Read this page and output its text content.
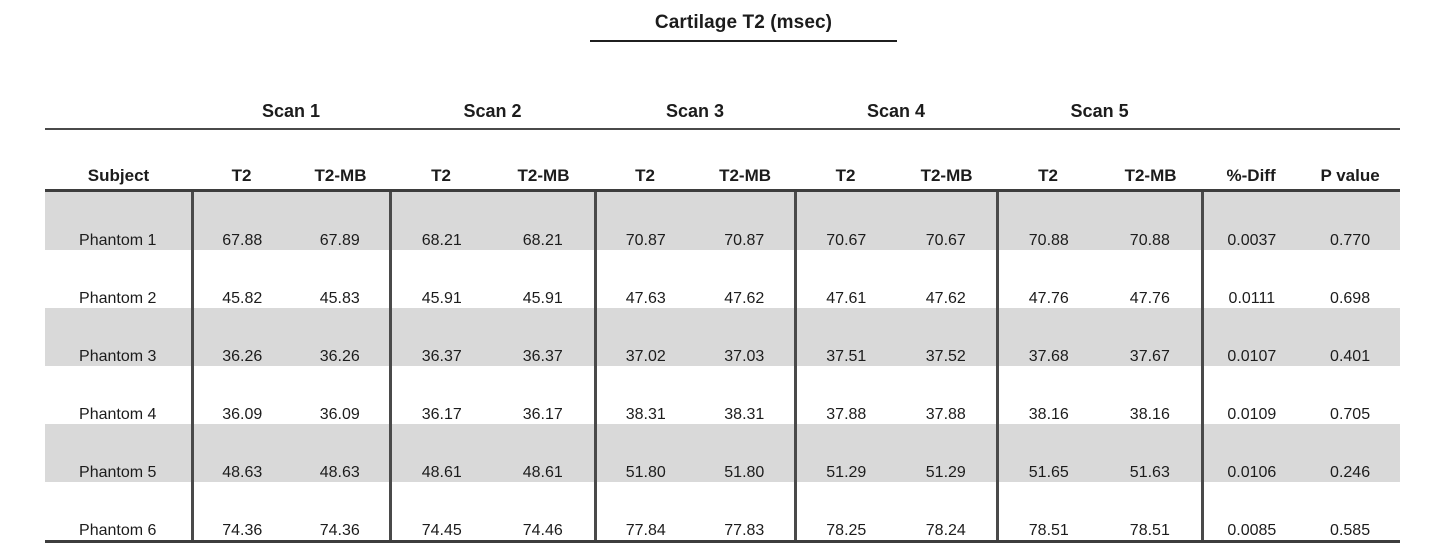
Cartilage T2 (msec)
	Scan 1		Scan 2		Scan 3		Scan 4		Scan 5			

Subject	T2	T2-MB	T2	T2-MB	T2	T2-MB	T2	T2-MB	T2	T2-MB	%-Diff	P value
Phantom 1	67.88	67.89	68.21	68.21	70.87	70.87	70.67	70.67	70.88	70.88	0.0037	0.770
Phantom 2	45.82	45.83	45.91	45.91	47.63	47.62	47.61	47.62	47.76	47.76	0.0111	0.698
Phantom 3	36.26	36.26	36.37	36.37	37.02	37.03	37.51	37.52	37.68	37.67	0.0107	0.401
Phantom 4	36.09	36.09	36.17	36.17	38.31	38.31	37.88	37.88	38.16	38.16	0.0109	0.705
Phantom 5	48.63	48.63	48.61	48.61	51.80	51.80	51.29	51.29	51.65	51.63	0.0106	0.246
Phantom 6	74.36	74.36	74.45	74.46	77.84	77.83	78.25	78.24	78.51	78.51	0.0085	0.585
